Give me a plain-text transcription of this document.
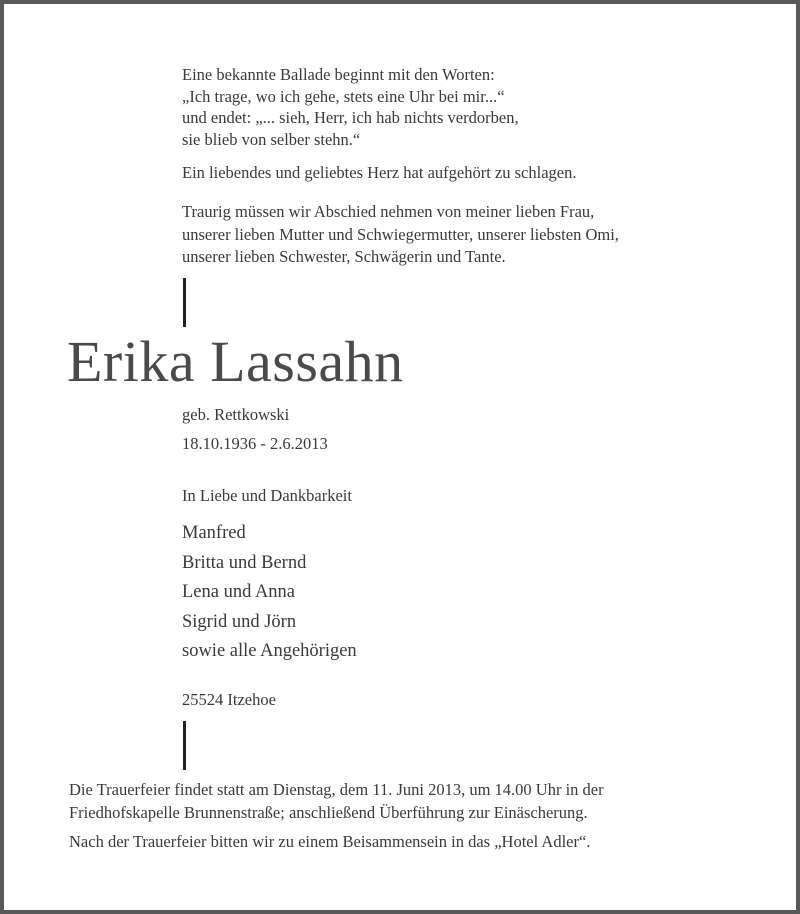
Eine bekannte Ballade beginnt mit den Worten:
„Ich trage, wo ich gehe, stets eine Uhr bei mir...“
und endet: „... sieh, Herr, ich hab nichts verdorben,
sie blieb von selber stehn.“

Ein liebendes und geliebtes Herz hat aufgehört zu schlagen.

Traurig müssen wir Abschied nehmen von meiner lieben Frau,
unserer lieben Mutter und Schwiegermutter, unserer liebsten Omi,
unserer lieben Schwester, Schwägerin und Tante.
Erika Lassahn

geb. Rettkowski

18.10.1936 - 2.6.2013

In Liebe und Dankbarkeit

Manfred
Britta und Bernd
Lena und Anna
Sigrid und Jörn
sowie alle Angehörigen

25524 Itzehoe

Die Trauerfeier findet statt am Dienstag, dem 11. Juni 2013, um 14.00 Uhr in der
Friedhofskapelle Brunnenstraße; anschließend Überführung zur Einäscherung.

Nach der Trauerfeier bitten wir zu einem Beisammensein in das „Hotel Adler“.
